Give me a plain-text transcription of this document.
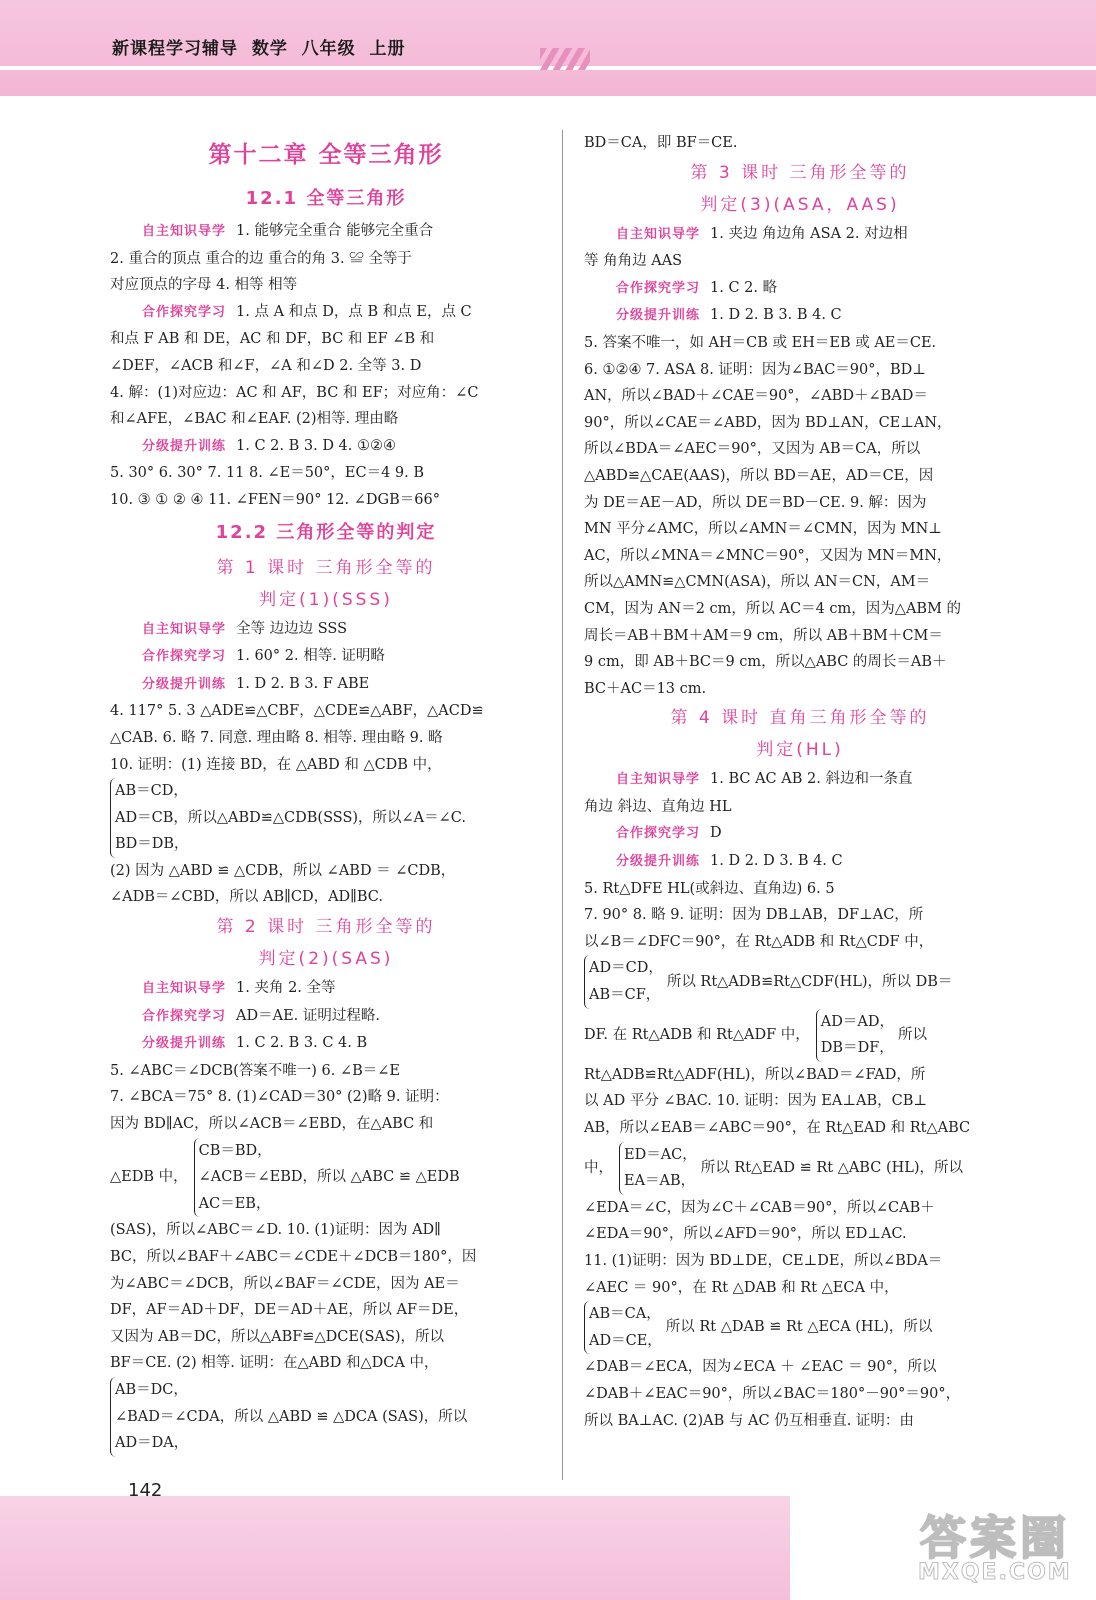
新课程学习辅导  数学  八年级  上册
第十二章 全等三角形
12.1 全等三角形

自主知识导学 1. 能够完全重合 能够完全重合

2. 重合的顶点 重合的边 重合的角 3. ≌ 全等于

对应顶点的字母 4. 相等 相等

合作探究学习 1. 点 A 和点 D，点 B 和点 E，点 C

和点 F AB 和 DE，AC 和 DF，BC 和 EF ∠B 和

∠DEF，∠ACB 和∠F，∠A 和∠D 2. 全等 3. D

4. 解：(1)对应边：AC 和 AF，BC 和 EF；对应角：∠C

和∠AFE，∠BAC 和∠EAF. (2)相等. 理由略

分级提升训练 1. C 2. B 3. D 4. ①②④

5. 30° 6. 30° 7. 11 8. ∠E＝50°，EC＝4 9. B

10. ③ ① ② ④ 11. ∠FEN＝90° 12. ∠DGB＝66°

12.2 三角形全等的判定
第 1 课时 三角形全等的
判定(1)(SSS)

自主知识导学 全等 边边边 SSS

合作探究学习 1. 60° 2. 相等. 证明略

分级提升训练 1. D 2. B 3. F ABE

4. 117° 5. 3 △ADE≌△CBF，△CDE≌△ABF，△ACD≌

△CAB. 6. 略 7. 同意. 理由略 8. 相等. 理由略 9. 略

10. 证明：(1) 连接 BD，在 △ABD 和 △CDB 中，

AB＝CD，
AD＝CB，所以△ABD≌△CDB(SSS)，所以∠A＝∠C.
BD＝DB，

(2) 因为 △ABD ≌ △CDB，所以 ∠ABD ＝ ∠CDB，

∠ADB＝∠CBD，所以 AB∥CD，AD∥BC.

第 2 课时 三角形全等的
判定(2)(SAS)

自主知识导学 1. 夹角 2. 全等

合作探究学习 AD＝AE. 证明过程略.

分级提升训练 1. C 2. B 3. C 4. B

5. ∠ABC＝∠DCB(答案不唯一) 6. ∠B＝∠E

7. ∠BCA＝75° 8. (1)∠CAD＝30° (2)略 9. 证明：

因为 BD∥AC，所以∠ACB＝∠EBD，在△ABC 和

△EDB 中，
CB＝BD，
∠ACB＝∠EBD，所以 △ABC ≌ △EDB
AC＝EB，

(SAS)，所以∠ABC＝∠D. 10. (1)证明：因为 AD∥

BC，所以∠BAF＋∠ABC＝∠CDE＋∠DCB＝180°，因

为∠ABC＝∠DCB，所以∠BAF＝∠CDE，因为 AE＝

DF，AF＝AD＋DF，DE＝AD＋AE，所以 AF＝DE，

又因为 AB＝DC，所以△ABF≌△DCE(SAS)，所以

BF＝CE. (2) 相等. 证明：在△ABD 和△DCA 中，

AB＝DC，
∠BAD＝∠CDA，所以 △ABD ≌ △DCA (SAS)，所以
AD＝DA，

BD＝CA，即 BF＝CE.

第 3 课时 三角形全等的
判定(3)(ASA，AAS)

自主知识导学 1. 夹边 角边角 ASA 2. 对边相

等 角角边 AAS

合作探究学习 1. C 2. 略

分级提升训练 1. D 2. B 3. B 4. C

5. 答案不唯一，如 AH＝CB 或 EH＝EB 或 AE＝CE.

6. ①②④ 7. ASA 8. 证明：因为∠BAC＝90°，BD⊥

AN，所以∠BAD＋∠CAE＝90°，∠ABD＋∠BAD＝

90°，所以∠CAE＝∠ABD，因为 BD⊥AN，CE⊥AN，

所以∠BDA＝∠AEC＝90°，又因为 AB＝CA，所以

△ABD≌△CAE(AAS)，所以 BD＝AE，AD＝CE，因

为 DE＝AE－AD，所以 DE＝BD－CE. 9. 解：因为

MN 平分∠AMC，所以∠AMN＝∠CMN，因为 MN⊥

AC，所以∠MNA＝∠MNC＝90°，又因为 MN＝MN，

所以△AMN≌△CMN(ASA)，所以 AN＝CN，AM＝

CM，因为 AN＝2 cm，所以 AC＝4 cm，因为△ABM 的

周长＝AB＋BM＋AM＝9 cm，所以 AB＋BM＋CM＝

9 cm，即 AB＋BC＝9 cm，所以△ABC 的周长＝AB＋

BC＋AC＝13 cm.

第 4 课时 直角三角形全等的
判定(HL)

自主知识导学 1. BC AC AB 2. 斜边和一条直

角边 斜边、直角边 HL

合作探究学习 D

分级提升训练 1. D 2. D 3. B 4. C

5. Rt△DFE HL(或斜边、直角边) 6. 5

7. 90° 8. 略 9. 证明：因为 DB⊥AB，DF⊥AC，所

以∠B＝∠DFC＝90°，在 Rt△ADB 和 Rt△CDF 中，

AD＝CD，
AB＝CF，
所以 Rt△ADB≌Rt△CDF(HL)，所以 DB＝
DF. 在 Rt△ADB 和 Rt△ADF 中，
AD＝AD，
DB＝DF，
所以

Rt△ADB≌Rt△ADF(HL)，所以∠BAD＝∠FAD，所

以 AD 平分 ∠BAC. 10. 证明：因为 EA⊥AB，CB⊥

AB，所以∠EAB＝∠ABC＝90°，在 Rt△EAD 和 Rt△ABC

中，
ED＝AC，
EA＝AB，
所以 Rt△EAD ≌ Rt △ABC (HL)，所以

∠EDA＝∠C，因为∠C＋∠CAB＝90°，所以∠CAB＋

∠EDA＝90°，所以∠AFD＝90°，所以 ED⊥AC.

11. (1)证明：因为 BD⊥DE，CE⊥DE，所以∠BDA＝

∠AEC ＝ 90°，在 Rt △DAB 和 Rt △ECA 中，

AB＝CA，
AD＝CE，
所以 Rt △DAB ≌ Rt △ECA (HL)，所以

∠DAB＝∠ECA，因为∠ECA ＋ ∠EAC ＝ 90°，所以

∠DAB＋∠EAC＝90°，所以∠BAC＝180°－90°＝90°，

所以 BA⊥AC. (2)AB 与 AC 仍互相垂直. 证明：由

142
答案圈
MXQE.COM
